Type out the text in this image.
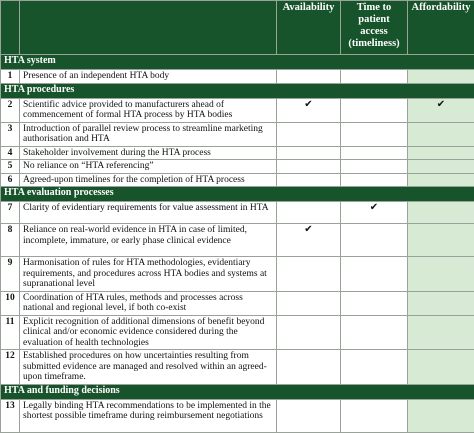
		Availability	Time to patient access (timeliness)	Affordability
HTA system				
1	Presence of an independent HTA body			
HTA procedures				
2	Scientific advice provided to manufacturers ahead of commencement of formal HTA process by HTA bodies	✔		✔
3	Introduction of parallel review process to streamline marketing authorisation and HTA			
4	Stakeholder involvement during the HTA process			
5	No reliance on “HTA referencing”			
6	Agreed-upon timelines for the completion of HTA process			
HTA evaluation processes				
7	Clarity of evidentiary requirements for value assessment in HTA		✔	
8	Reliance on real-world evidence in HTA in case of limited, incomplete, immature, or early phase clinical evidence	✔		
9	Harmonisation of rules for HTA methodologies, evidentiary requirements, and procedures across HTA bodies and systems at supranational level			
10	Coordination of HTA rules, methods and processes across national and regional level, if both co-exist			
11	Explicit recognition of additional dimensions of benefit beyond clinical and/or economic evidence considered during the evaluation of health technologies			
12	Established procedures on how uncertainties resulting from submitted evidence are managed and resolved within an agreed-upon timeframe.			
HTA and funding decisions				
13	Legally binding HTA recommendations to be implemented in the shortest possible timeframe during reimbursement negotiations			
